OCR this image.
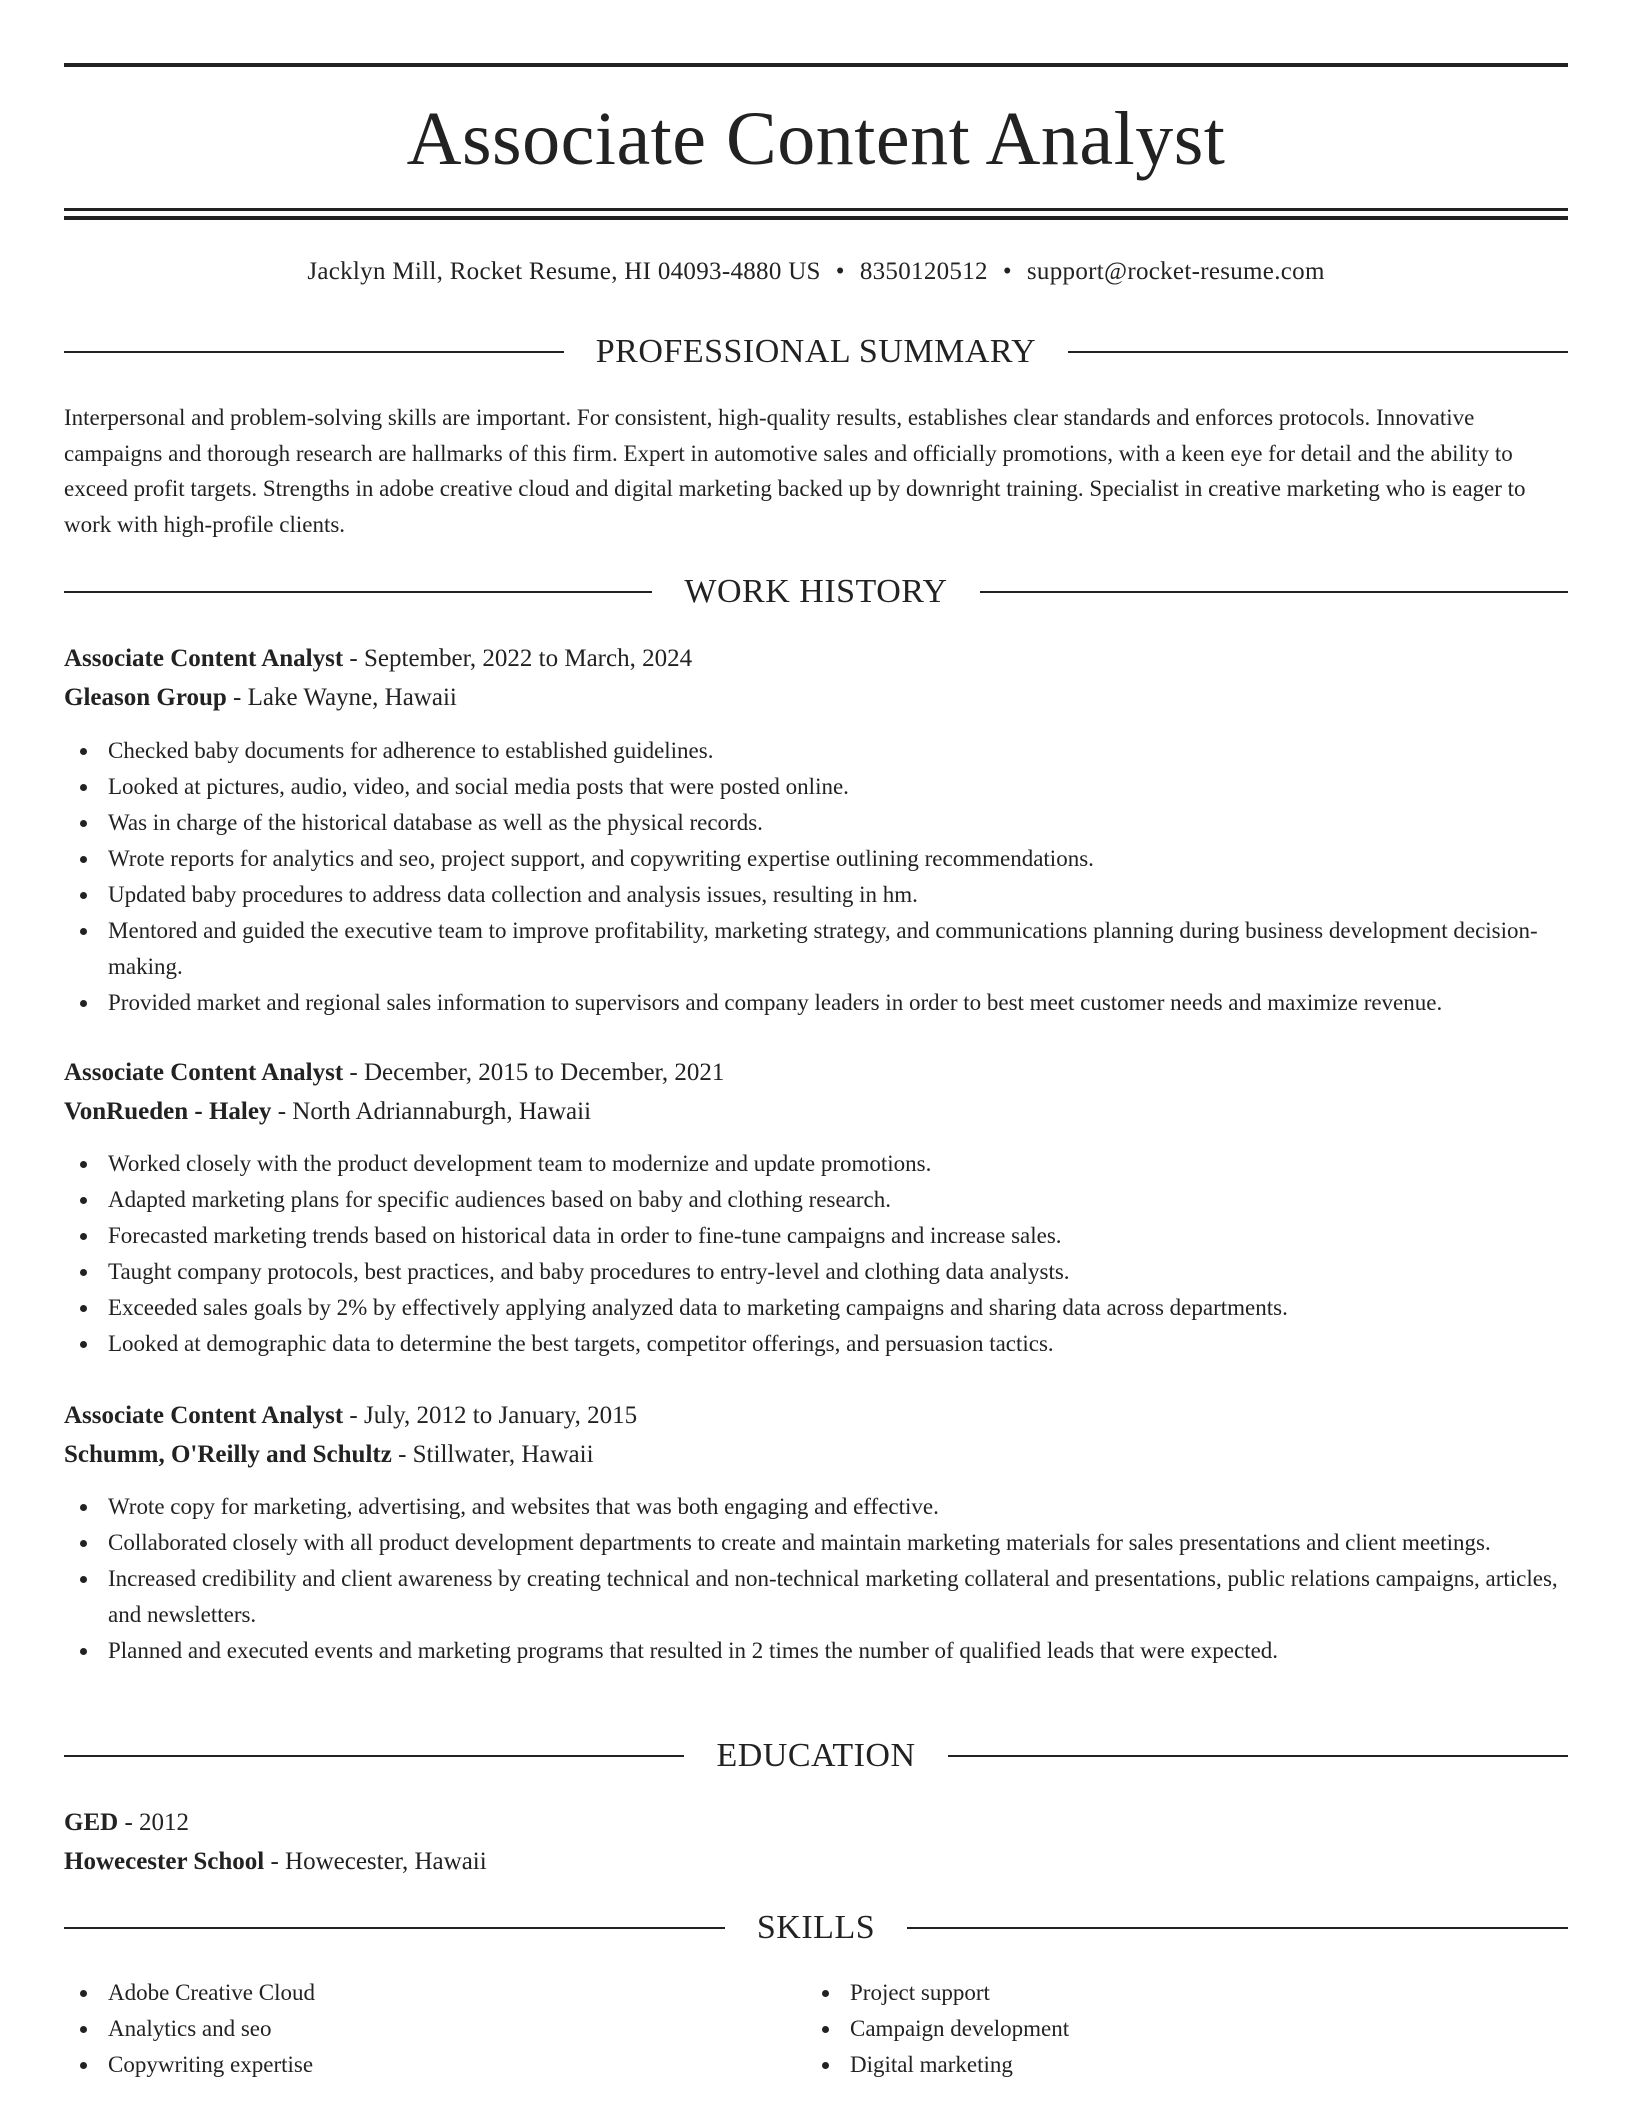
Associate Content Analyst
Jacklyn Mill, Rocket Resume, HI 04093-4880 US • 8350120512 • support@rocket-resume.com
PROFESSIONAL SUMMARY

Interpersonal and problem-solving skills are important. For consistent, high-quality results, establishes clear standards and enforces protocols. Innovative campaigns and thorough research are hallmarks of this firm. Expert in automotive sales and officially promotions, with a keen eye for detail and the ability to exceed profit targets. Strengths in adobe creative cloud and digital marketing backed up by downright training. Specialist in creative marketing who is eager to work with high-profile clients.

WORK HISTORY
Associate Content Analyst - September, 2022 to March, 2024
Gleason Group - Lake Wayne, Hawaii
Checked baby documents for adherence to established guidelines.
Looked at pictures, audio, video, and social media posts that were posted online.
Was in charge of the historical database as well as the physical records.
Wrote reports for analytics and seo, project support, and copywriting expertise outlining recommendations.
Updated baby procedures to address data collection and analysis issues, resulting in hm.
Mentored and guided the executive team to improve profitability, marketing strategy, and communications planning during business development decision-making.
Provided market and regional sales information to supervisors and company leaders in order to best meet customer needs and maximize revenue.
Associate Content Analyst - December, 2015 to December, 2021
VonRueden - Haley - North Adriannaburgh, Hawaii
Worked closely with the product development team to modernize and update promotions.
Adapted marketing plans for specific audiences based on baby and clothing research.
Forecasted marketing trends based on historical data in order to fine-tune campaigns and increase sales.
Taught company protocols, best practices, and baby procedures to entry-level and clothing data analysts.
Exceeded sales goals by 2% by effectively applying analyzed data to marketing campaigns and sharing data across departments.
Looked at demographic data to determine the best targets, competitor offerings, and persuasion tactics.
Associate Content Analyst - July, 2012 to January, 2015
Schumm, O'Reilly and Schultz - Stillwater, Hawaii
Wrote copy for marketing, advertising, and websites that was both engaging and effective.
Collaborated closely with all product development departments to create and maintain marketing materials for sales presentations and client meetings.
Increased credibility and client awareness by creating technical and non-technical marketing collateral and presentations, public relations campaigns, articles, and newsletters.
Planned and executed events and marketing programs that resulted in 2 times the number of qualified leads that were expected.
EDUCATION
GED - 2012
Howecester School - Howecester, Hawaii
SKILLS
Adobe Creative Cloud
Analytics and seo
Copywriting expertise
Project support
Campaign development
Digital marketing
